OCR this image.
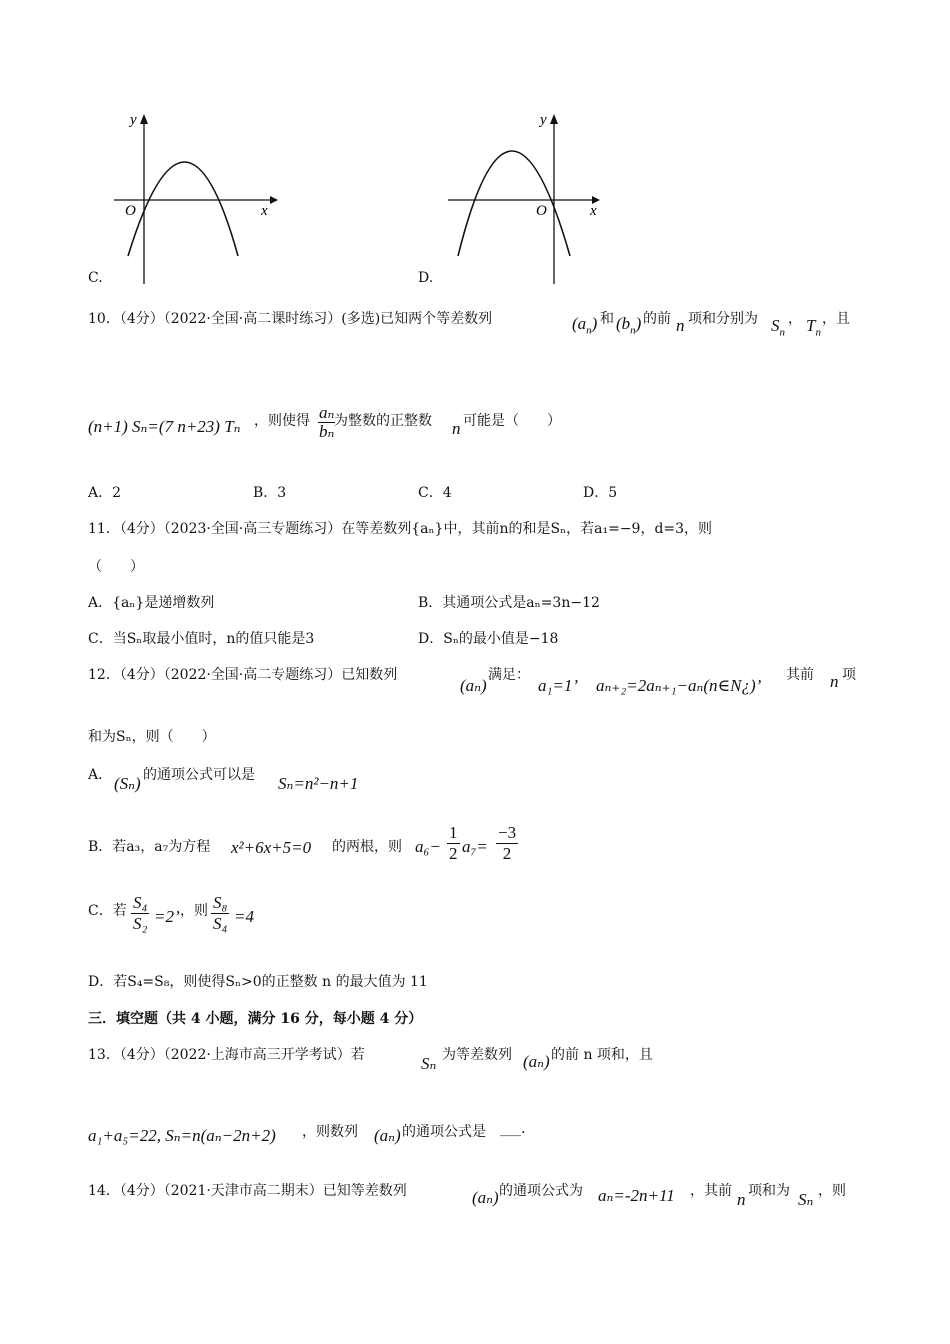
y
x
O
C.
y
x
O
D.
10．（4分）（2022·全国·高二课时练习）(多选)已知两个等差数列	$(a_n)$ 和 $(b_n)$ 的前 n 项和分别为 $S_n$
， $T_n$
，且
(n+1) Sₙ=(7 n+23) Tₙ ，则使得 $\frac{\text{aₙ}}{\text{bₙ}}$
为整数的正整数 n 可能是（　　）
A．2	B．3	C．4	D．5
11．（4分）（2023·全国·高三专题练习）在等差数列{aₙ}中，其前n的和是Sₙ，若a₁=−9，d=3，则
（　　）
A．{aₙ}是递增数列	B．其通项公式是aₙ=3n−12
C．当Sₙ取最小值时，n的值只能是3	D．Sₙ的最小值是−18
12．（4分）（2022·全国·高二专题练习）已知数列
(aₙ)
满足：
a₁=1’ aₙ₊₂=2aₙ₊₁−aₙ(n∈N¿)’
其前 n 项
和为Sₙ，则（　　）
A． (Sₙ) 的通项公式可以是 Sₙ=n²−n+1
B．若a₃，a₇为方程 x²+6x+5=0 的两根，则 $a_6- \frac{1}{2} a_7= \frac{-3}{2}$
C．若 $\frac{\text{S₄}}{\text{S₂}} =2$’ ，则 $\frac{\text{S₈}}{\text{S₄}} =4$
D．若S₄=S₈，则使得Sₙ>0的正整数 n 的最大值为 11
三．填空题（共 4 小题，满分 16 分，每小题 4 分）
13．（4分）（2022·上海市高三开学考试）若	Sₙ 为等差数列 (aₙ) 的前 n 项和，且
a₁+a₅=22, Sₙ=n(aₙ−2n+2) ，则数列 (aₙ) 的通项公式是 ___.
14．（4分）（2021·天津市高二期末）已知等差数列	(aₙ) 的通项公式为 aₙ=-2n+11 ，其前 n 项和为 Sₙ ，则
